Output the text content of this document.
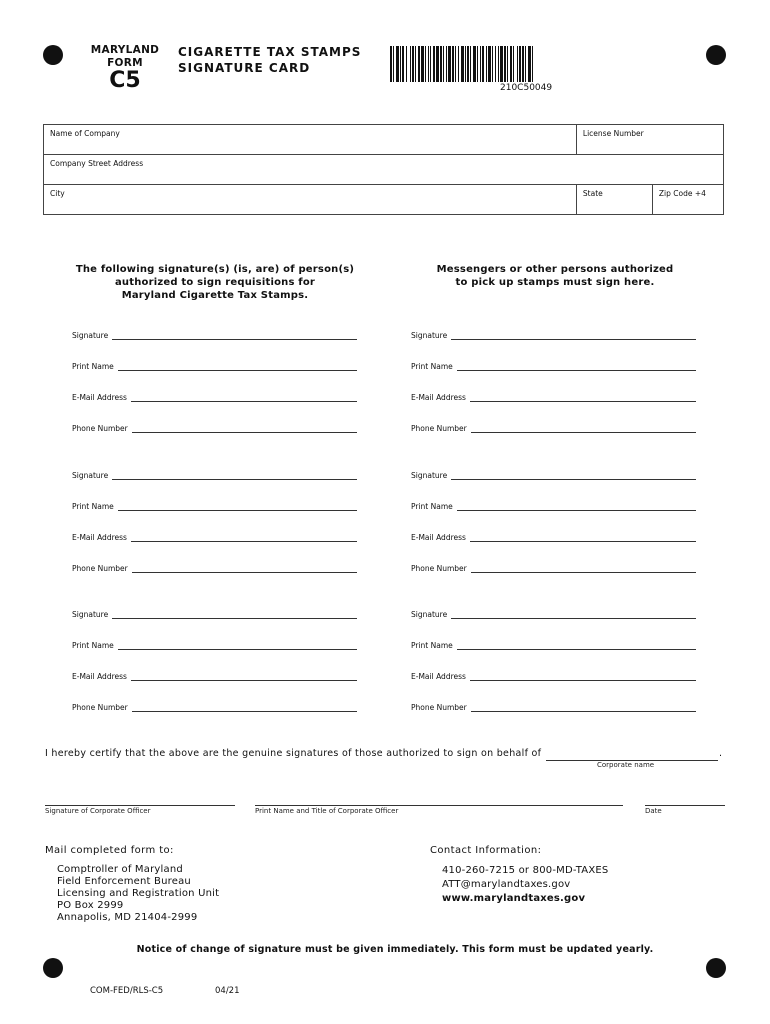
MARYLAND
FORM
C5
CIGARETTE TAX STAMPS
SIGNATURE CARD
210C50049
Name of Company	License Number	
Company Street Address		
City	State	Zip Code +4
The following signature(s) (is, are) of person(s)
authorized to sign requisitions for
Maryland Cigarette Tax Stamps.
Messengers or other persons authorized
to pick up stamps must sign here.
Signature	Signature
Print Name	Print Name
E-Mail Address	E-Mail Address
Phone Number	Phone Number
Signature	Signature
Print Name	Print Name
E-Mail Address	E-Mail Address
Phone Number	Phone Number
Signature	Signature
Print Name	Print Name
E-Mail Address	E-Mail Address
Phone Number	Phone Number
I hereby certify that the above are the genuine signatures of those authorized to sign on behalf of	.
Corporate name
Signature of Corporate Officer	Print Name and Title of Corporate Officer	Date
Mail completed form to:
Comptroller of Maryland
Field Enforcement Bureau
Licensing and Registration Unit
PO Box 2999
Annapolis, MD 21404-2999
Contact Information:
410-260-7215 or 800-MD-TAXES
ATT@marylandtaxes.gov
www.marylandtaxes.gov
Notice of change of signature must be given immediately. This form must be updated yearly.
COM-FED/RLS-C5	04/21
